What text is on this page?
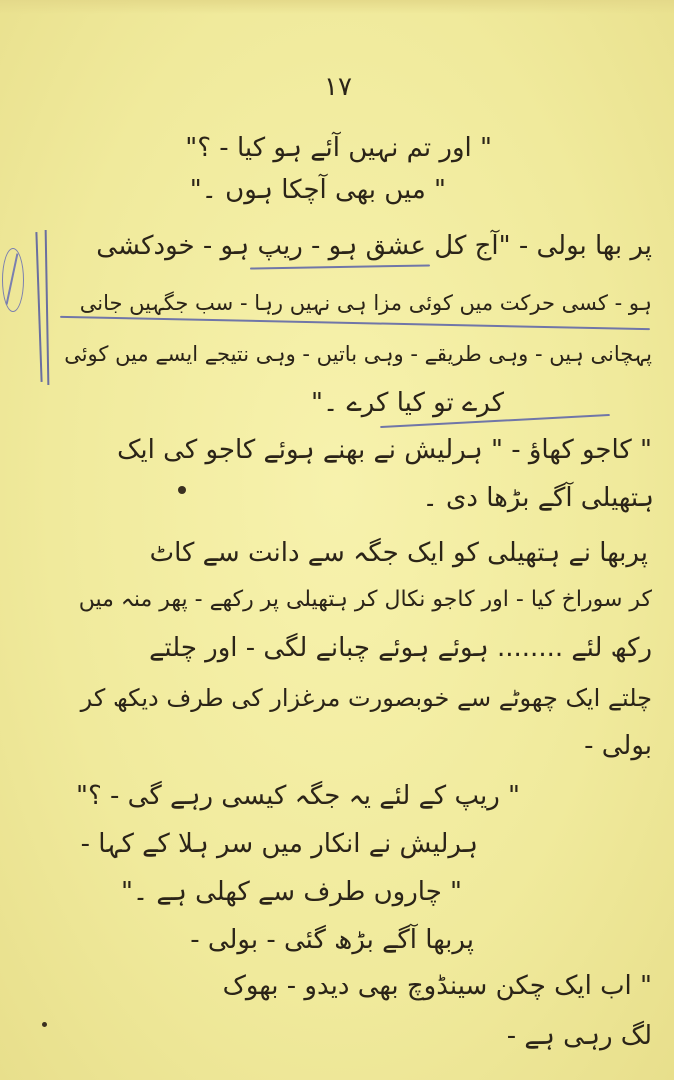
۱۷
" اور تم نہیں آئے ہو کیا - ؟"
" میں بھی آچکا ہوں ۔"
پر بھا بولی - "آج کل عشق ہو - ریپ ہو - خودکشی
ہو - کسی حرکت میں کوئی مزا ہی نہیں رہا - سب جگہیں جانی
پہچانی ہیں - وہی طریقے - وہی باتیں - وہی نتیجے ایسے میں کوئی
کرے تو کیا کرے ۔"
" کاجو کھاؤ - " ہرلیش نے بھنے ہوئے کاجو کی ایک
ہتھیلی آگے بڑھا دی ۔
پربھا نے ہتھیلی کو ایک جگہ سے دانت سے کاٹ
کر سوراخ کیا - اور کاجو نکال کر ہتھیلی پر رکھے - پھر منہ میں
رکھ لئے ........ ہوئے ہوئے چبانے لگی - اور چلتے
چلتے ایک چھوٹے سے خوبصورت مرغزار کی طرف دیکھ کر
بولی -
" ریپ کے لئے یہ جگہ کیسی رہے گی - ؟"
ہرلیش نے انکار میں سر ہلا کے کہا -
" چاروں طرف سے کھلی ہے ۔"
پربھا آگے بڑھ گئی - بولی -
" اب ایک چکن سینڈوچ بھی دیدو - بھوک
لگ رہی ہے -
